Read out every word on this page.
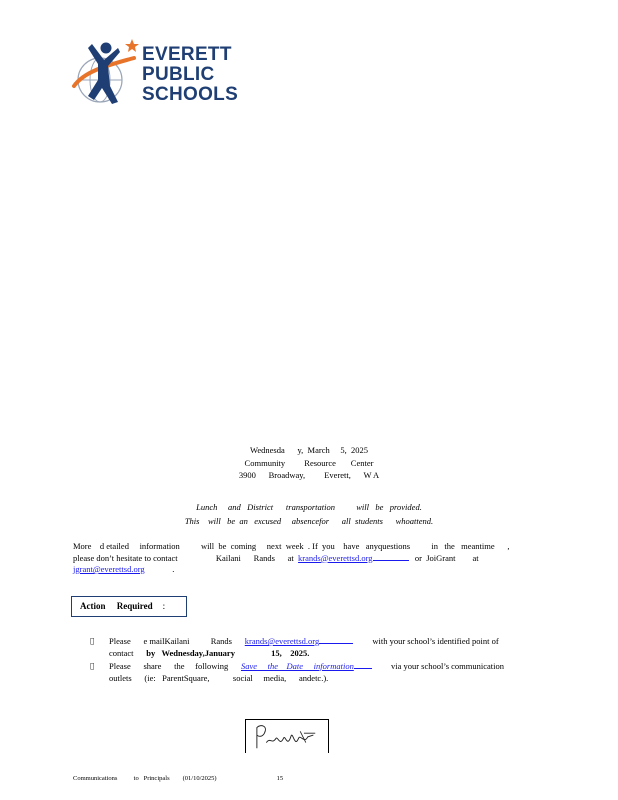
EVERETT
PUBLIC
SCHOOLS
Wednesda      y,  March     5,  2025
Community         Resource       Center
3900      Broadway,         Everett,      W A
Lunch     and   District      transportation          will   be   provided.
This    will   be  an   excused     absencefor      all  students      whoattend.
More    d etailed     information          will  be  coming     next  week  . If  you    have   anyquestions          in   the   meantime      ,
please don’t hesitate to contact                  Kailani      Rands      at  krands@everettsd.org	or  JoiGrant        at
jgrant@everettsd.org             .
Action     Required :
Please      e mailKailani          Rands      krands@everettsd.org	with your school’s identified point of
contact      by   Wednesday,January                 15,    2025.
Please      share      the     following      Save     the    Date     information         via your school’s communication
outlets      (ie:   ParentSquare,           social     media,      andetc.).
Communications          to   Principals        (01/10/2025)                                     15
